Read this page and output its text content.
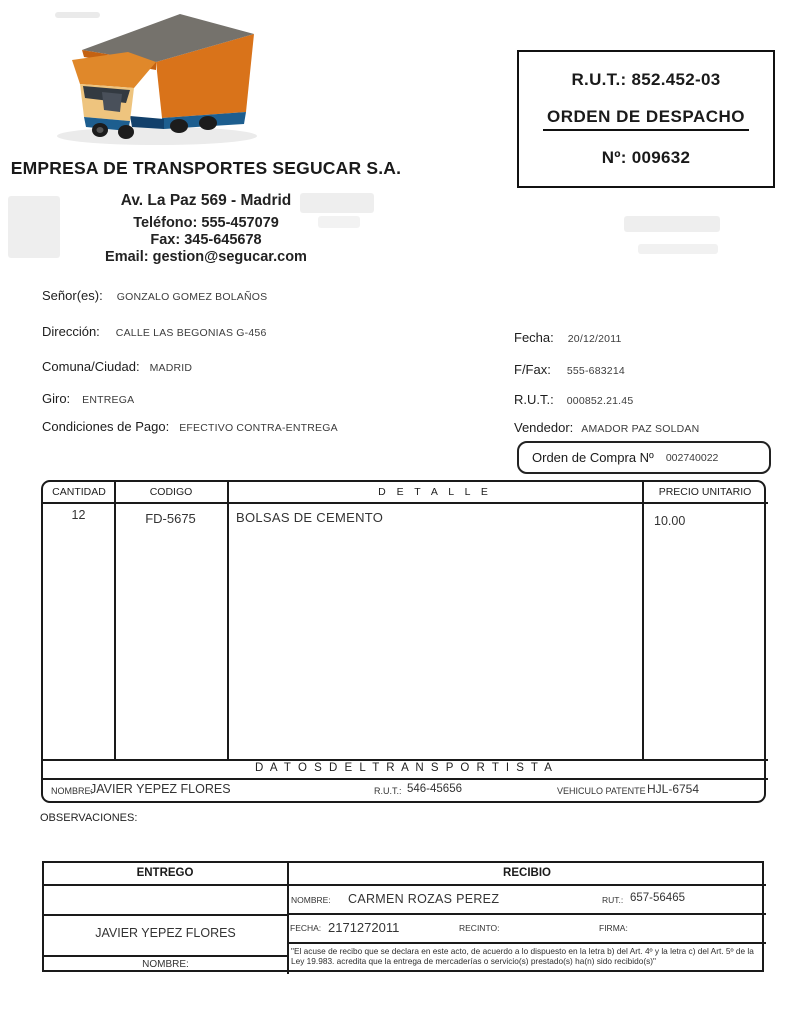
EMPRESA DE TRANSPORTES SEGUCAR S.A.
Av. La Paz 569 - Madrid
Teléfono: 555-457079
Fax: 345-645678
Email: gestion@segucar.com
R.U.T.: 852.452-03
ORDEN DE DESPACHO
Nº: 009632
Señor(es): GONZALO GOMEZ BOLAÑOS
Dirección: CALLE LAS BEGONIAS G-456
Comuna/Ciudad: MADRID
Giro: ENTREGA
Condiciones de Pago: EFECTIVO CONTRA-ENTREGA
Fecha: 20/12/2011
F/Fax: 555-683214
R.U.T.: 000852.21.45
Vendedor: AMADOR PAZ SOLDAN
Orden de Compra Nº 002740022
CANTIDAD	CODIGO	D E T A L L E	PRECIO UNITARIO
12	FD-5675	BOLSAS DE CEMENTO	10.00
D A T O S D E L T R A N S P O R T I S T A
NOMBRE:
JAVIER YEPEZ FLORES	R.U.T.: 546-45656	VEHICULO PATENTE HJL-6754
OBSERVACIONES:
ENTREGO	RECIBIO
JAVIER YEPEZ FLORES
NOMBRE:
NOMBRE: CARMEN ROZAS PEREZ	RUT.: 657-56465
FECHA: 2171272011	RECINTO:	FIRMA:
"El acuse de recibo que se declara en este acto, de acuerdo a lo dispuesto en la letra b) del Art. 4º y la letra c) del Art. 5º de la Ley 19.983. acredita que la entrega de mercaderías o servicio(s) prestado(s) ha(n) sido recibido(s)"
